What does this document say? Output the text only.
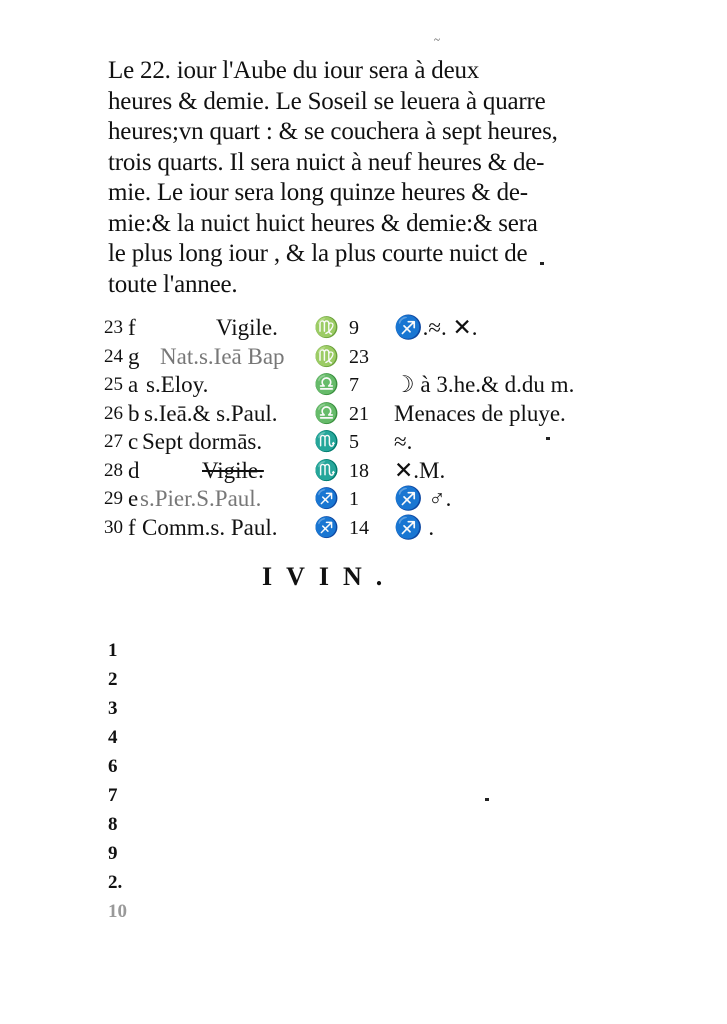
~
Le 22. iour l'Aube du iour sera à deux
heures & demie. Le Soseil se leuera à quarre
heures;vn quart : & se couchera à sept heures,
trois quarts. Il sera nuict à neuf heures & de-
mie. Le iour sera long quinze heures & de-
mie:& la nuict huict heures & demie:& sera
le plus long iour , & la plus courte nuict de
toute l'annee.
23 f	Vigile. ♍ 9 ♐.≈. ✕.
24 g Nat.s.Ieā Bap ♍ 23
25 a s.Eloy.	♎ 7 ☽ à 3.he.& d.du m.
26 b s.Ieā.& s.Paul. ♎ 21 Menaces de pluye.
27 c Sept dormās.	♏ 5 ≈.
28 d	Vigile.	♏ 18 ✕.M.
29 e s.Pier.S.Paul.	♐ 1 ♐ ♂.
30 f Comm.s. Paul. ♐ 14 ♐ .
IVIN.
1
2
3
4
6
7
8
9
2.
10
